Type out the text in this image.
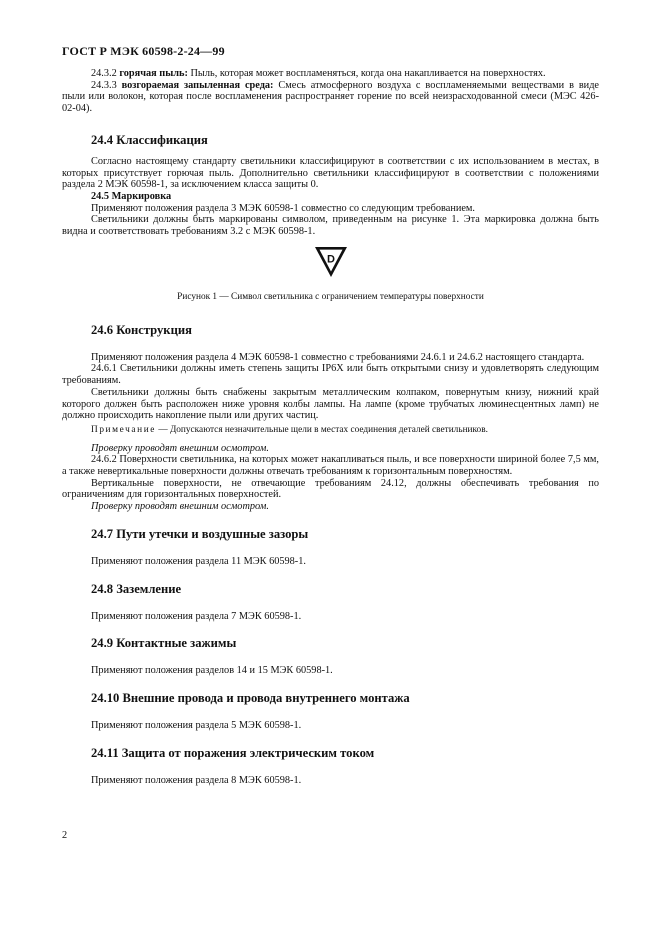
ГОСТ Р МЭК 60598-2-24—99

24.3.2 горячая пыль: Пыль, которая может воспламеняться, когда она накапливается на поверхностях.

24.3.3 возгораемая запыленная среда: Смесь атмосферного воздуха с воспламеняемыми веществами в виде пыли или волокон, которая после воспламенения распространяет горение по всей неизрасходованной смеси (МЭС 426-02-04).

24.4 Классификация

Согласно настоящему стандарту светильники классифицируют в соответствии с их использованием в местах, в которых присутствует горючая пыль. Дополнительно светильники классифицируют в соответствии с положениями раздела 2 МЭК 60598-1, за исключением класса защиты 0.

24.5 Маркировка

Применяют положения раздела 3 МЭК 60598-1 совместно со следующим требованием.

Светильники должны быть маркированы символом, приведенным на рисунке 1. Эта маркировка должна быть видна и соответствовать требованиям 3.2 с МЭК 60598-1.

D
Рисунок 1 — Символ светильника с ограничением температуры поверхности
24.6 Конструкция

Применяют положения раздела 4 МЭК 60598-1 совместно с требованиями 24.6.1 и 24.6.2 настоящего стандарта.

24.6.1 Светильники должны иметь степень защиты IP6X или быть открытыми снизу и удовлетворять следующим требованиям.

Светильники должны быть снабжены закрытым металлическим колпаком, повернутым книзу, нижний край которого должен быть расположен ниже уровня колбы лампы. На лампе (кроме трубчатых люминесцентных ламп) не должно происходить накопление пыли или других частиц.

Примечание — Допускаются незначительные щели в местах соединения деталей светильников.

Проверку проводят внешним осмотром.

24.6.2 Поверхности светильника, на которых может накапливаться пыль, и все поверхности шириной более 7,5 мм, а также невертикальные поверхности должны отвечать требованиям к горизонтальным поверхностям.

Вертикальные поверхности, не отвечающие требованиям 24.12, должны обеспечивать требования по ограничениям для горизонтальных поверхностей.

Проверку проводят внешним осмотром.

24.7 Пути утечки и воздушные зазоры

Применяют положения раздела 11 МЭК 60598-1.

24.8 Заземление

Применяют положения раздела 7 МЭК 60598-1.

24.9 Контактные зажимы

Применяют положения разделов 14 и 15 МЭК 60598-1.

24.10 Внешние провода и провода внутреннего монтажа

Применяют положения раздела 5 МЭК 60598-1.

24.11 Защита от поражения электрическим током

Применяют положения раздела 8 МЭК 60598-1.

2
